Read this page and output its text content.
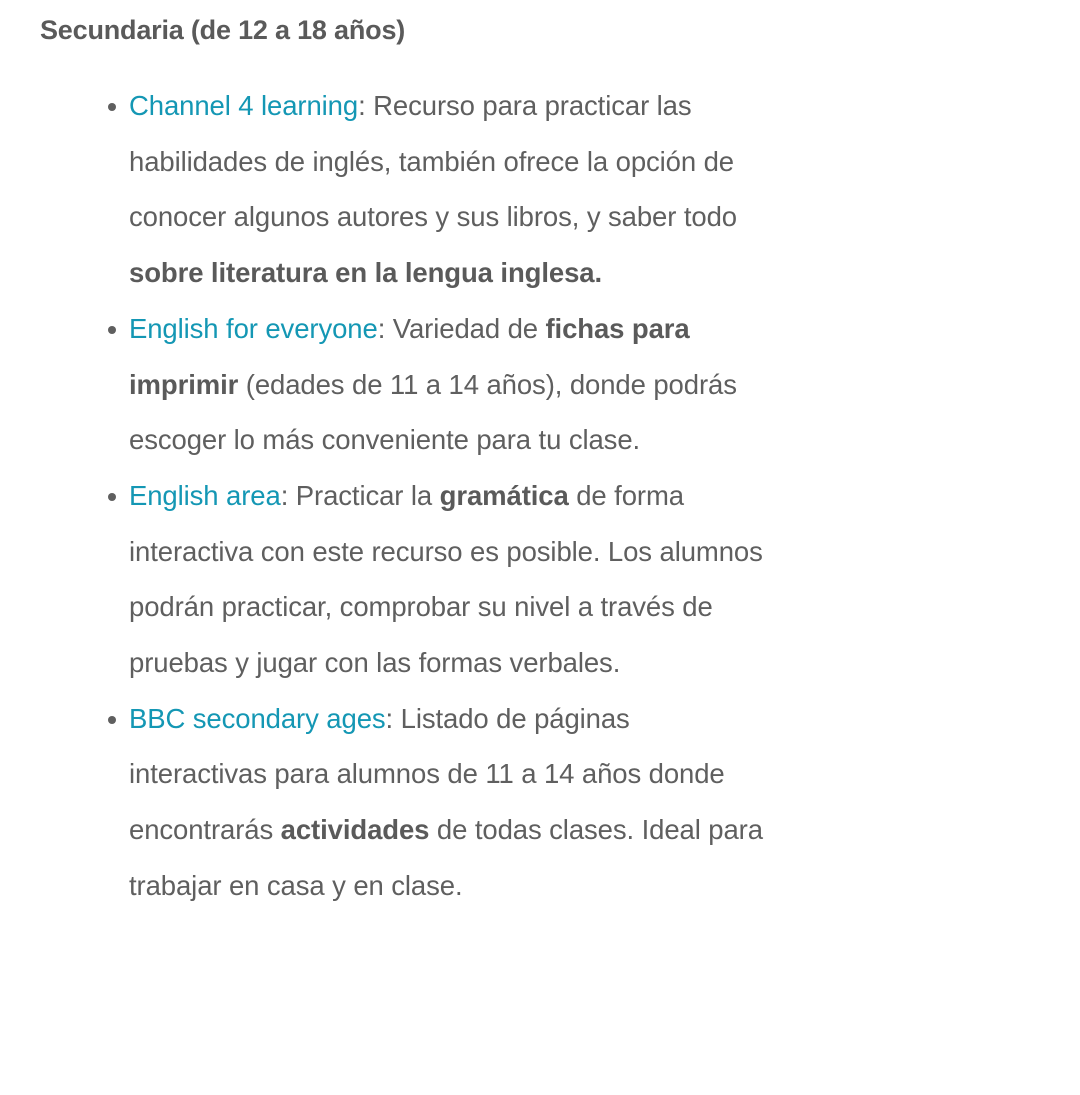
Secundaria (de 12 a 18 años)
Channel 4 learning: Recurso para practicar las habilidades de inglés, también ofrece la opción de conocer algunos autores y sus libros, y saber todo sobre literatura en la lengua inglesa.
English for everyone: Variedad de fichas para imprimir (edades de 11 a 14 años), donde podrás escoger lo más conveniente para tu clase.
English area: Practicar la gramática de forma interactiva con este recurso es posible. Los alumnos podrán practicar, comprobar su nivel a través de pruebas y jugar con las formas verbales.
BBC secondary ages: Listado de páginas interactivas para alumnos de 11 a 14 años donde encontrarás actividades de todas clases. Ideal para trabajar en casa y en clase.
